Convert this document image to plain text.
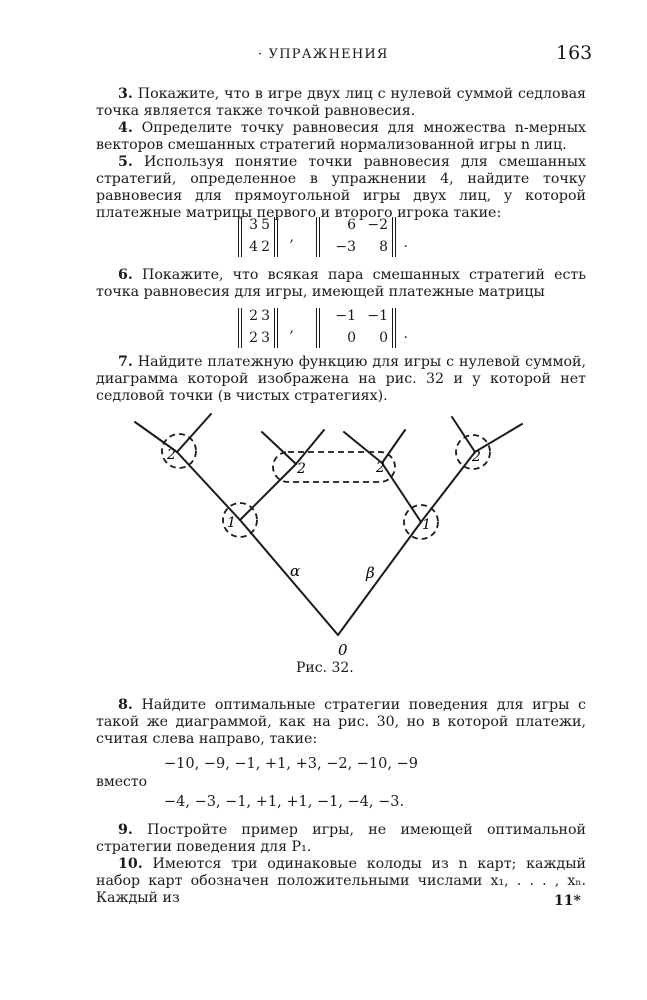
· УПРАЖНЕНИЯ	163

3. Покажите, что в игре двух лиц с нулевой суммой седловая точка является также точкой равновесия.

4. Определите точку равновесия для множества n-мерных векторов смешанных стратегий нормализованной игры n лиц.

5. Используя понятие точки равновесия для смешанных стратегий, определенное в упражнении 4, найдите точку равновесия для прямоугольной игры двух лиц, у которой платежные матрицы первого и второго игрока такие:

3 5
4 2
,
6 −2
−3	8 .

6. Покажите, что всякая пара смешанных стратегий есть точка равновесия для игры, имеющей платежные матрицы

2 3
2 3
,
−1 −1
0	0 .

7. Найдите платежную функцию для игры с нулевой суммой, диаграмма которой изображена на рис. 32 и у которой нет седловой точки (в чистых стратегиях).

0
α	β
1	1
2
2	2
2
Рис. 32.

8. Найдите оптимальные стратегии поведения для игры с такой же диаграммой, как на рис. 30, но в которой платежи, считая слева направо, такие:

−10, −9, −1, +1, +3, −2, −10, −9
вместо
−4, −3, −1, +1, +1, −1, −4, −3.

9. Постройте пример игры, не имеющей оптимальной стратегии поведения для P₁.

10. Имеются три одинаковые колоды из n карт; каждый набор карт обозначен положительными числами x₁, . . . , xₙ. Каждый из	11*
